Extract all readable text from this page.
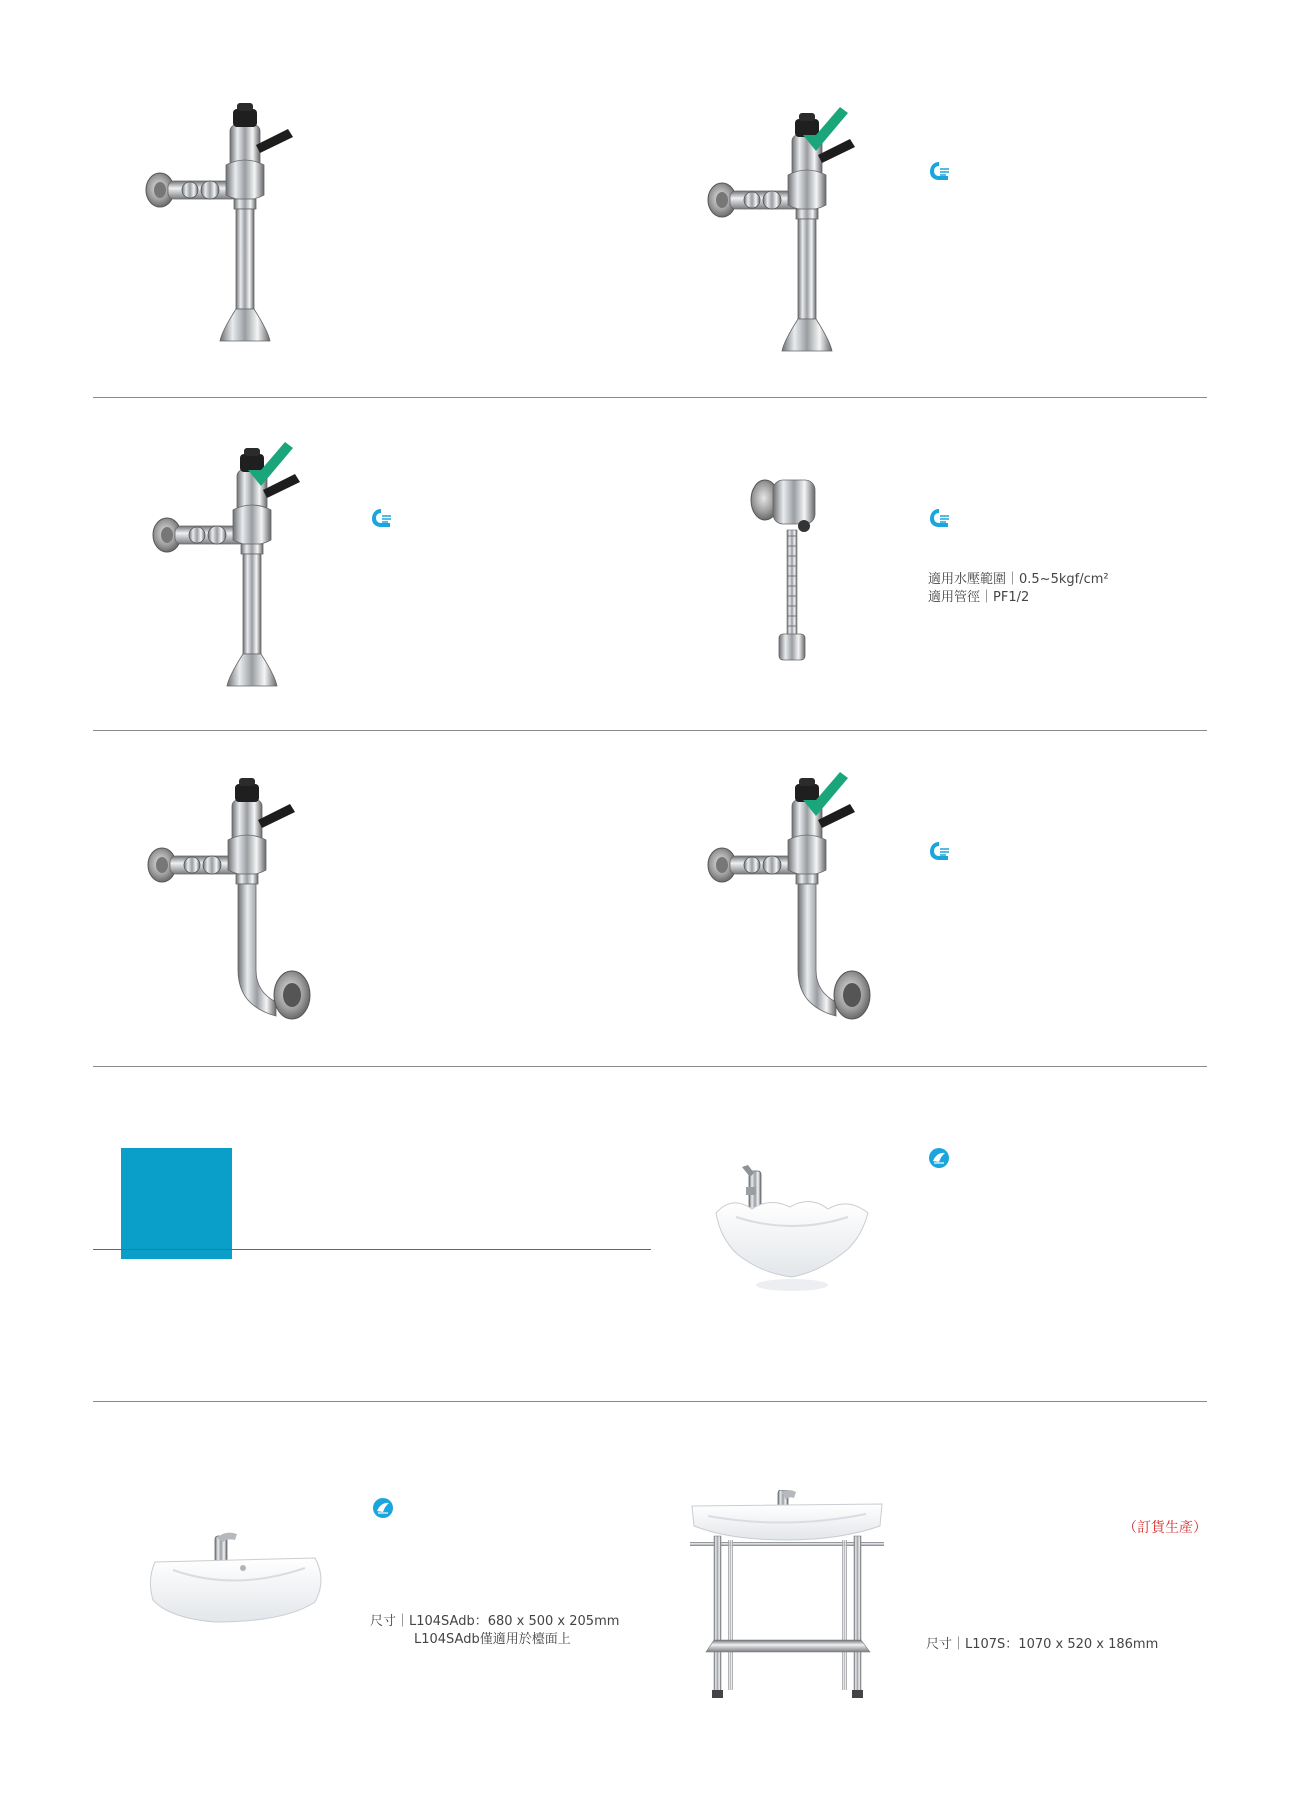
適用水壓範圍｜0.5~5kgf/cm²
適用管徑｜PF1/2
尺寸｜L104SAdb：680 x 500 x 205mm
L104SAdb僅適用於檯面上
（訂貨生產）
尺寸｜L107S：1070 x 520 x 186mm
